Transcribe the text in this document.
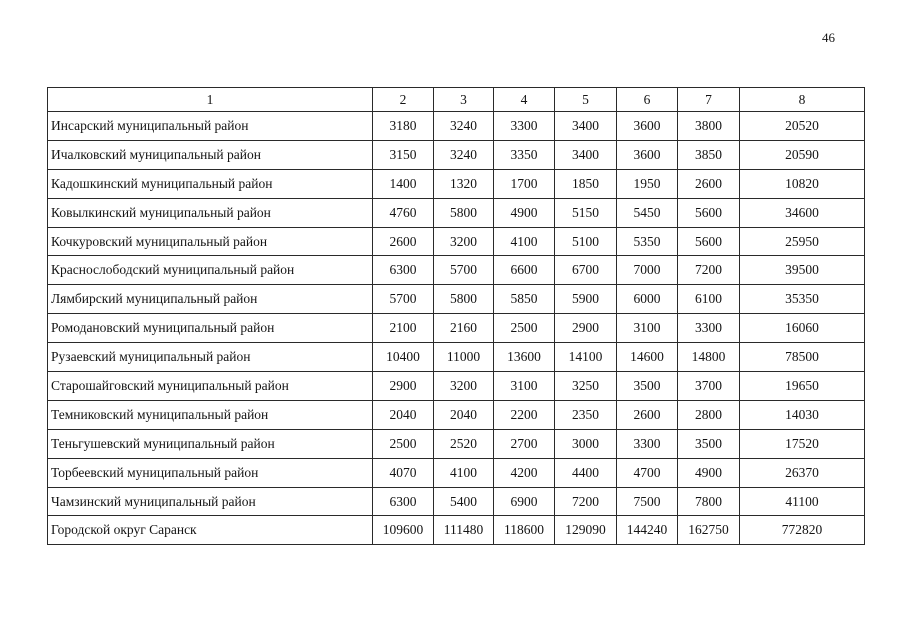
46
1	2	3	4	5	6	7	8
Инсарский муниципальный район	3180	3240	3300	3400	3600	3800	20520
Ичалковский муниципальный район	3150	3240	3350	3400	3600	3850	20590
Кадошкинский муниципальный район	1400	1320	1700	1850	1950	2600	10820
Ковылкинский муниципальный район	4760	5800	4900	5150	5450	5600	34600
Кочкуровский муниципальный район	2600	3200	4100	5100	5350	5600	25950
Краснослободский муниципальный район	6300	5700	6600	6700	7000	7200	39500
Лямбирский муниципальный район	5700	5800	5850	5900	6000	6100	35350
Ромодановский муниципальный район	2100	2160	2500	2900	3100	3300	16060
Рузаевский муниципальный район	10400	11000	13600	14100	14600	14800	78500
Старошайговский муниципальный район	2900	3200	3100	3250	3500	3700	19650
Темниковский муниципальный район	2040	2040	2200	2350	2600	2800	14030
Теньгушевский муниципальный район	2500	2520	2700	3000	3300	3500	17520
Торбеевский муниципальный район	4070	4100	4200	4400	4700	4900	26370
Чамзинский муниципальный район	6300	5400	6900	7200	7500	7800	41100
Городской округ Саранск	109600	111480	118600	129090	144240	162750	772820
